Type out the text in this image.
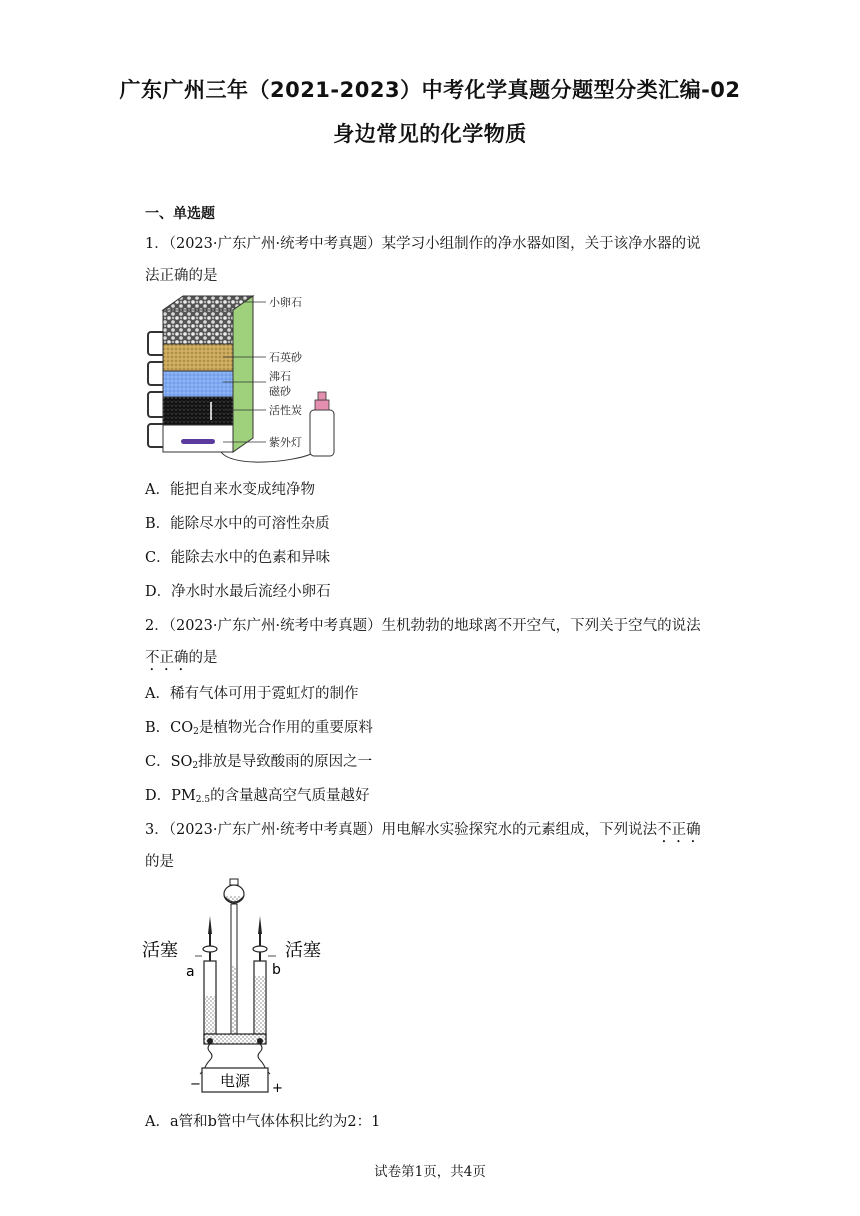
广东广州三年（2021-2023）中考化学真题分题型分类汇编-02
身边常见的化学物质
一、单选题
1．（2023·广东广州·统考中考真题）某学习小组制作的净水器如图，关于该净水器的说
法正确的是
小卵石
石英砂
沸石
磁砂
活性炭
紫外灯
A．能把自来水变成纯净物
B．能除尽水中的可溶性杂质
C．能除去水中的色素和异味
D．净水时水最后流经小卵石
2．（2023·广东广州·统考中考真题）生机勃勃的地球离不开空气，下列关于空气的说法
不正确的是
A．稀有气体可用于霓虹灯的制作
B．$CO_2$是植物光合作用的重要原料
C．$SO_2$排放是导致酸雨的原因之一
D．$PM_{2.5}$的含量越高空气质量越好
3．（2023·广东广州·统考中考真题）用电解水实验探究水的元素组成，下列说法不正确
的是
电源
−	+
活塞	活塞
a	b
A．a管和b管中气体体积比约为2：1
试卷第1页，共4页
